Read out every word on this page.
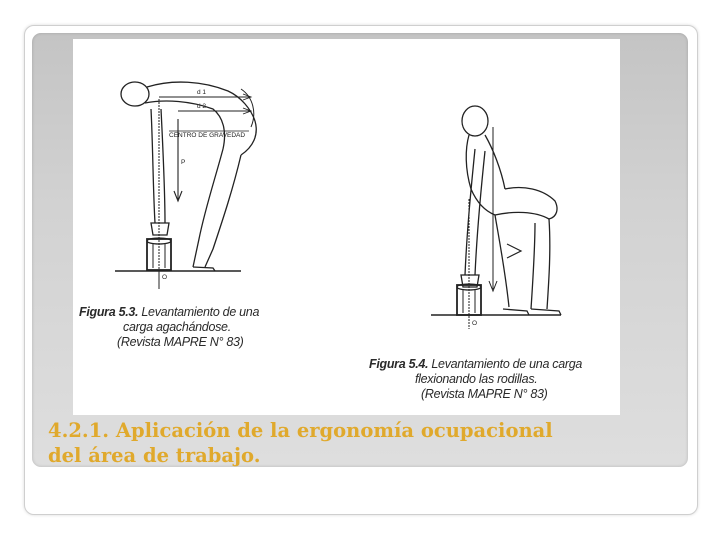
d 1
d 2
CENTRO DE GRAVEDAD
P
O
O
Figura 5.3. Levantamiento de una
carga agachándose.
(Revista MAPRE N° 83)
Figura 5.4. Levantamiento de una carga
flexionando las rodillas.
(Revista MAPRE N° 83)
4.2.1. Aplicación de la ergonomía ocupacional
del área de trabajo.
